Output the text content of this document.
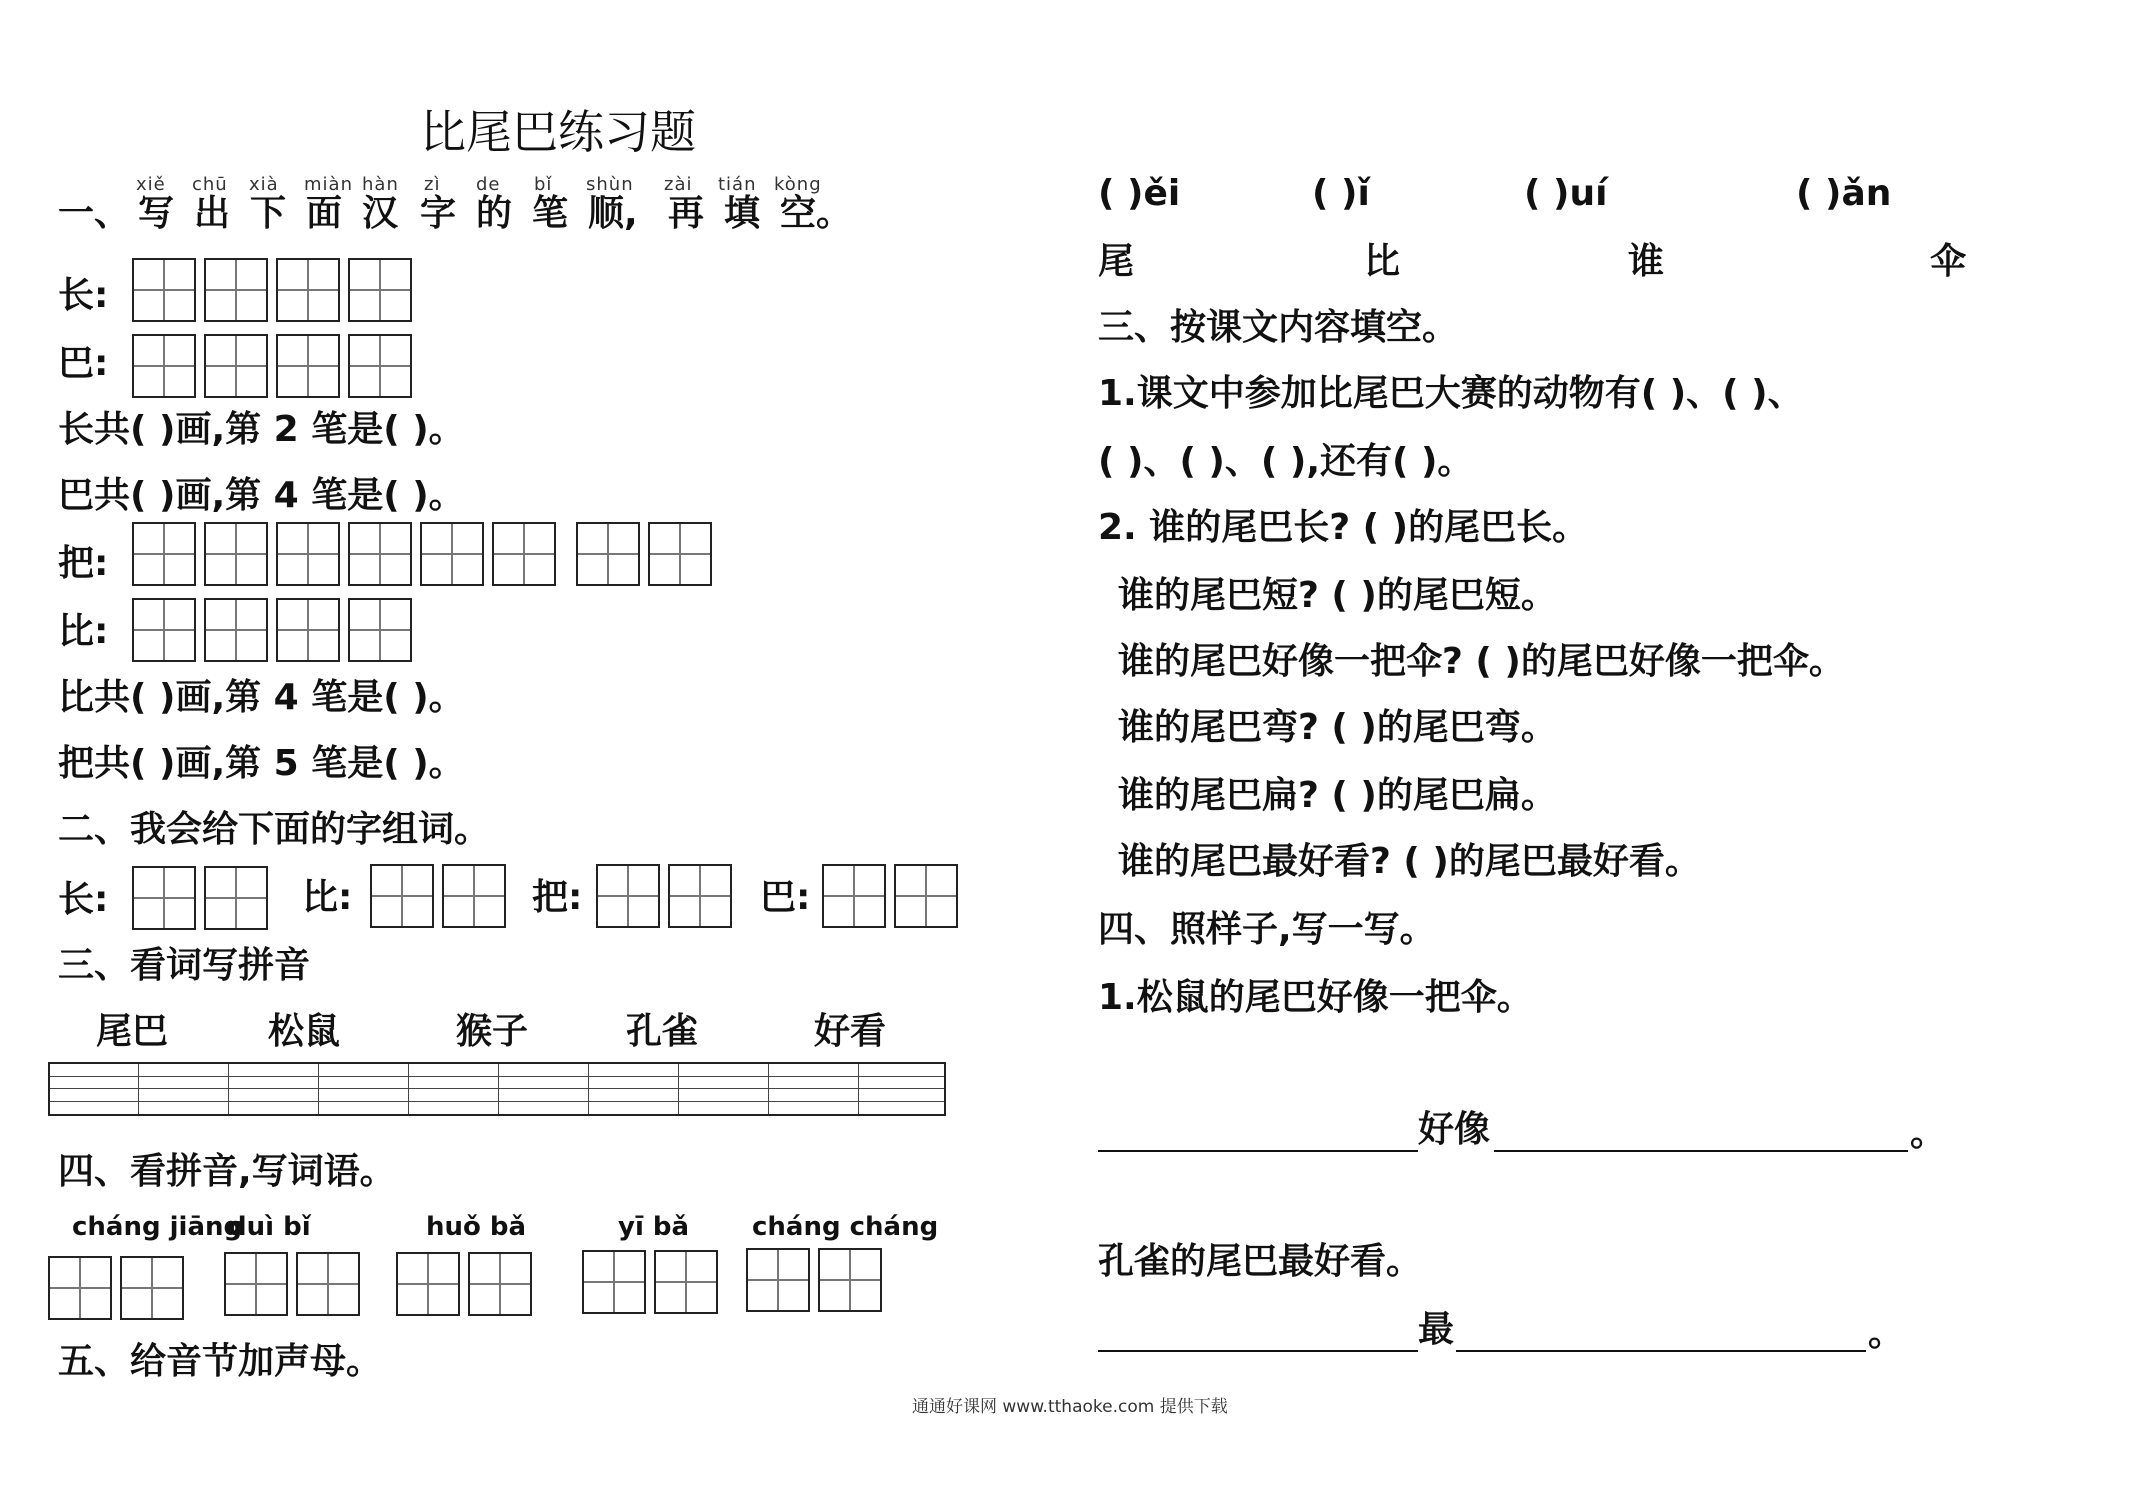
比尾巴练习题
xiě chū xià miàn hàn zì de bǐ shùn zài tián kòng
一、 写 出 下 面 汉 字 的 笔 顺, 再 填 空。
长:
巴:
长共( )画,第 2 笔是( )。
巴共( )画,第 4 笔是( )。
把:
比:
比共( )画,第 4 笔是( )。
把共( )画,第 5 笔是( )。
二、我会给下面的字组词。
长:	比:	把:	巴:
三、看词写拼音
尾巴	松鼠	猴子	孔雀	好看
四、看拼音,写词语。
cháng jiāng
duì bǐ	huǒ bǎ	yī bǎ cháng cháng
五、给音节加声母。
( )ěi	( )ǐ	( )uí	( )ǎn
尾	比	谁	伞
三、按课文内容填空。
1.课文中参加比尾巴大赛的动物有( )、( )、
( )、( )、( ),还有( )。
2. 谁的尾巴长? ( )的尾巴长。
谁的尾巴短? ( )的尾巴短。
谁的尾巴好像一把伞? ( )的尾巴好像一把伞。
谁的尾巴弯? ( )的尾巴弯。
谁的尾巴扁? ( )的尾巴扁。
谁的尾巴最好看? ( )的尾巴最好看。
四、照样子,写一写。
1.松鼠的尾巴好像一把伞。
好像	。
孔雀的尾巴最好看。
最	。
通通好课网 www.tthaoke.com 提供下载
